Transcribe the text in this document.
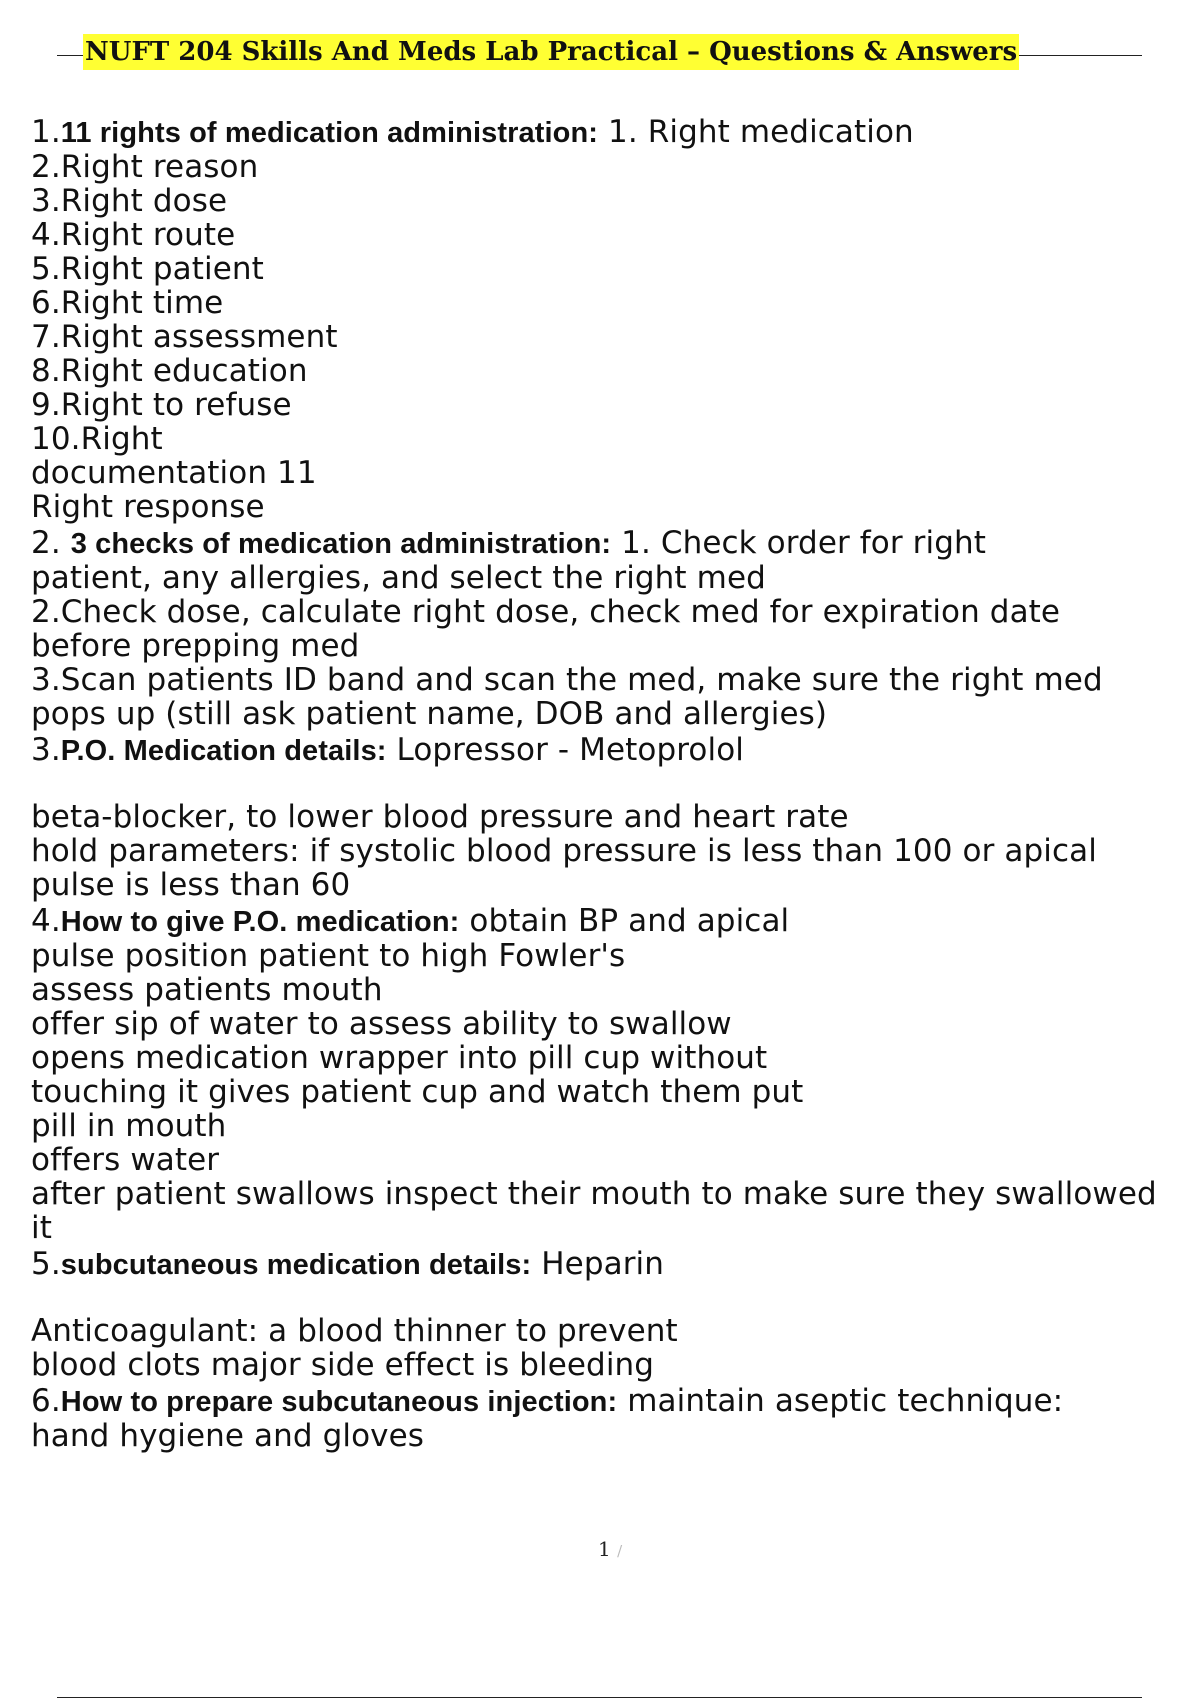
NUFT 204 Skills And Meds Lab Practical – Questions & Answers
1.11 rights of medication administration: 1. Right medication
2.Right reason
3.Right dose
4.Right route
5.Right patient
6.Right time
7.Right assessment
8.Right education
9.Right to refuse
10.Right
documentation 11
Right response
2. 3 checks of medication administration: 1. Check order for right
patient, any allergies, and select the right med
2.Check dose, calculate right dose, check med for expiration date
before prepping med
3.Scan patients ID band and scan the med, make sure the right med
pops up (still ask patient name, DOB and allergies)
3.P.O. Medication details: Lopressor - Metoprolol
beta-blocker, to lower blood pressure and heart rate
hold parameters: if systolic blood pressure is less than 100 or apical
pulse is less than 60
4.How to give P.O. medication: obtain BP and apical
pulse position patient to high Fowler's
assess patients mouth
offer sip of water to assess ability to swallow
opens medication wrapper into pill cup without
touching it gives patient cup and watch them put
pill in mouth
offers water
after patient swallows inspect their mouth to make sure they swallowed
it
5.subcutaneous medication details: Heparin
Anticoagulant: a blood thinner to prevent
blood clots major side effect is bleeding
6.How to prepare subcutaneous injection: maintain aseptic technique:
hand hygiene and gloves
1 /
